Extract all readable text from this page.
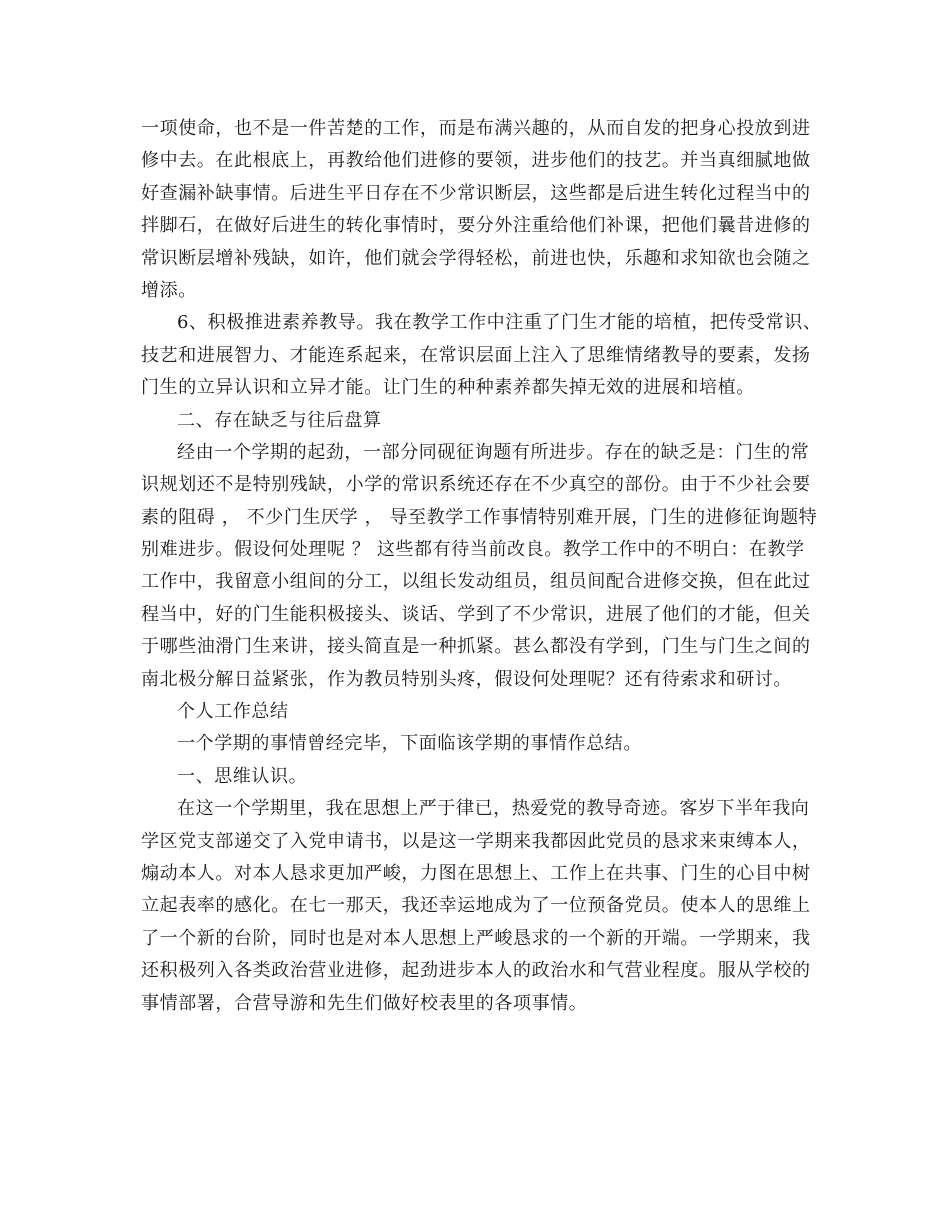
一项使命，也不是一件苦楚的工作，而是布满兴趣的，从而自发的把身心投放到进
修中去。在此根底上，再教给他们进修的要领，进步他们的技艺。并当真细腻地做
好查漏补缺事情。后进生平日存在不少常识断层，这些都是后进生转化过程当中的
拌脚石，在做好后进生的转化事情时，要分外注重给他们补课，把他们曩昔进修的
常识断层增补残缺，如许，他们就会学得轻松，前进也快，乐趣和求知欲也会随之
增添。
6、积极推进素养教导。我在教学工作中注重了门生才能的培植，把传受常识、
技艺和进展智力、才能连系起来，在常识层面上注入了思维情绪教导的要素，发扬
门生的立异认识和立异才能。让门生的种种素养都失掉无效的进展和培植。
二、存在缺乏与往后盘算
经由一个学期的起劲，一部分同砚征询题有所进步。存在的缺乏是：门生的常
识规划还不是特别残缺，小学的常识系统还存在不少真空的部份。由于不少社会要
素的阻碍 ， 不少门生厌学 ， 导至教学工作事情特别难开展，门生的进修征询题特
别难进步。假设何处理呢 ？ 这些都有待当前改良。教学工作中的不明白：在教学
工作中，我留意小组间的分工，以组长发动组员，组员间配合进修交换，但在此过
程当中，好的门生能积极接头、谈话、学到了不少常识，进展了他们的才能，但关
于哪些油滑门生来讲，接头简直是一种抓紧。甚么都没有学到，门生与门生之间的
南北极分解日益紧张，作为教员特别头疼，假设何处理呢？还有待索求和研讨。
个人工作总结
一个学期的事情曾经完毕，下面临该学期的事情作总结。
一、思维认识。
在这一个学期里，我在思想上严于律已，热爱党的教导奇迹。客岁下半年我向
学区党支部递交了入党申请书，以是这一学期来我都因此党员的恳求来束缚本人，
煽动本人。对本人恳求更加严峻，力图在思想上、工作上在共事、门生的心目中树
立起表率的感化。在七一那天，我还幸运地成为了一位预备党员。使本人的思维上
了一个新的台阶，同时也是对本人思想上严峻恳求的一个新的开端。一学期来，我
还积极列入各类政治营业进修，起劲进步本人的政治水和气营业程度。服从学校的
事情部署，合营导游和先生们做好校表里的各项事情。
